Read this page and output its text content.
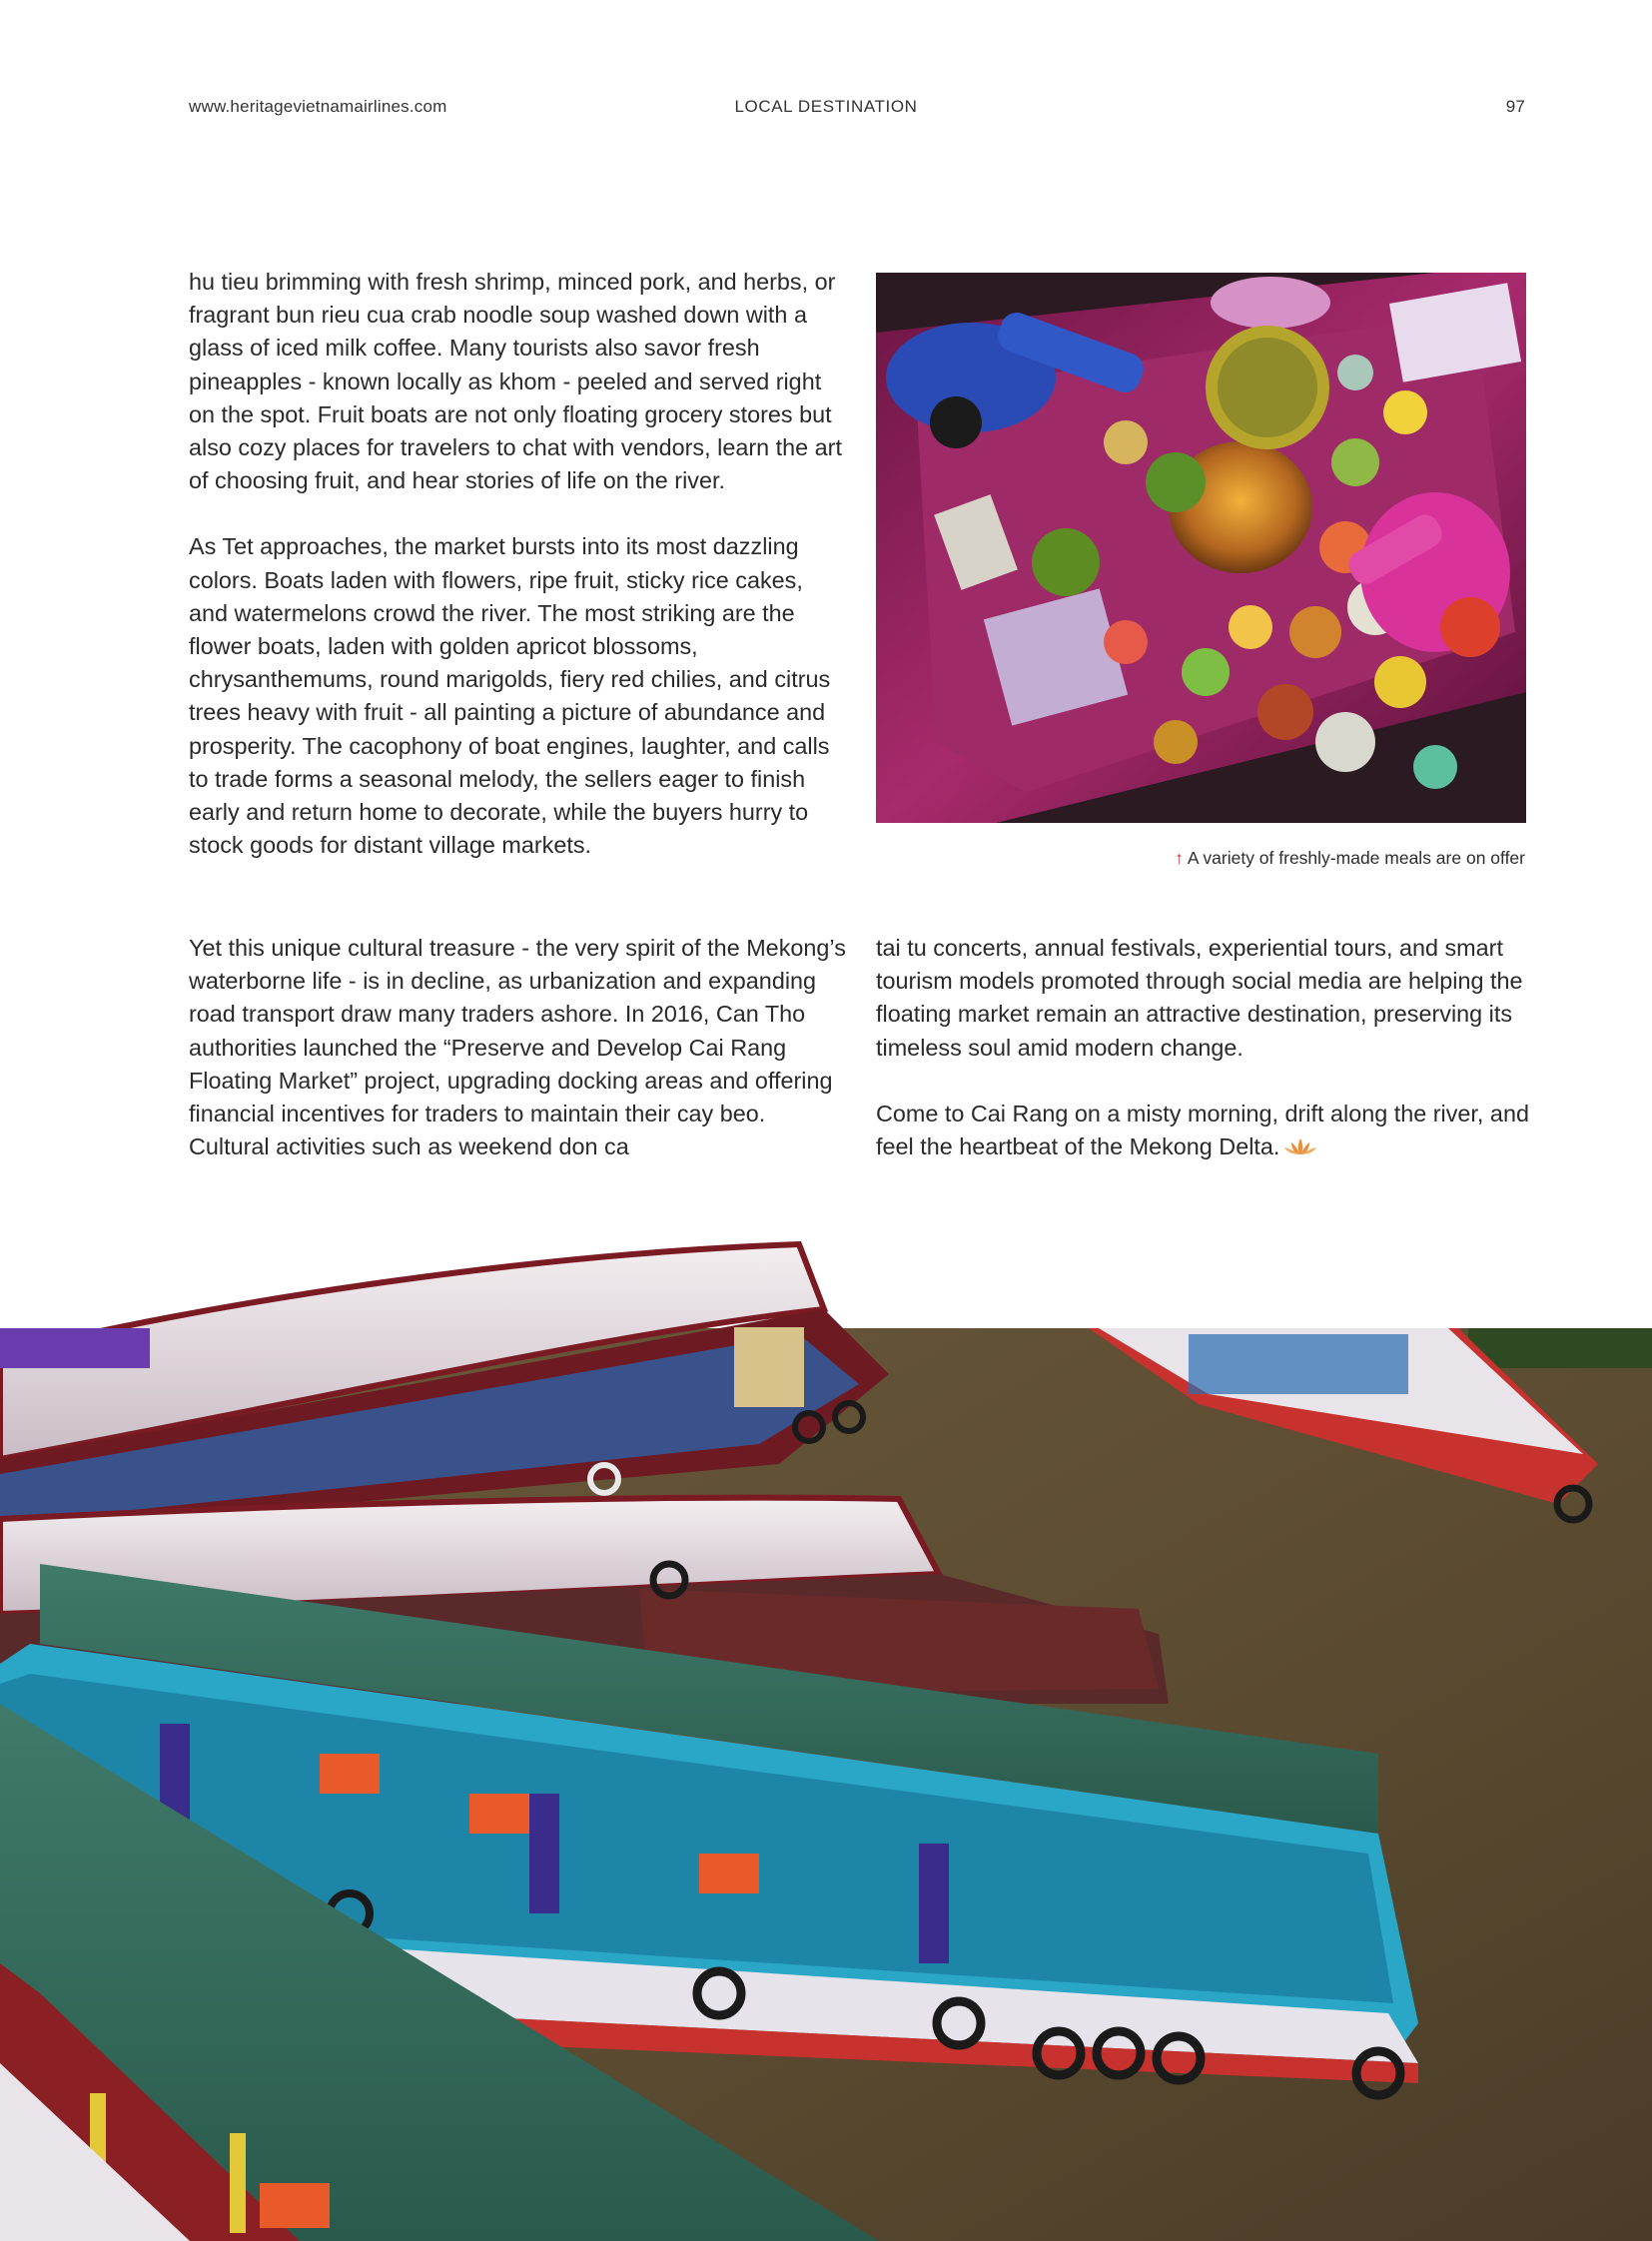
www.heritagevietnamairlines.com	LOCAL DESTINATION	97

hu tieu brimming with fresh shrimp, minced pork, and herbs, or fragrant bun rieu cua crab noodle soup washed down with a glass of iced milk coffee. Many tourists also savor fresh pineapples - known locally as khom - peeled and served right on the spot. Fruit boats are not only floating grocery stores but also cozy places for travelers to chat with vendors, learn the art of choosing fruit, and hear stories of life on the river.

As Tet approaches, the market bursts into its most dazzling colors. Boats laden with flowers, ripe fruit, sticky rice cakes, and watermelons crowd the river. The most striking are the flower boats, laden with golden apricot blossoms, chrysanthemums, round marigolds, fiery red chilies, and citrus trees heavy with fruit - all painting a picture of abundance and prosperity. The cacophony of boat engines, laughter, and calls to trade forms a seasonal melody, the sellers eager to finish early and return home to decorate, while the buyers hurry to stock goods for distant village markets.	↑ A variety of freshly-made meals are on offer

Yet this unique cultural treasure - the very spirit of the Mekong’s waterborne life - is in decline, as urbanization and expanding road transport draw many traders ashore. In 2016, Can Tho authorities launched the “Preserve and Develop Cai Rang Floating Market” project, upgrading docking areas and offering financial incentives for traders to maintain their cay beo. Cultural activities such as weekend don ca

tai tu concerts, annual festivals, experiential tours, and smart tourism models promoted through social media are helping the floating market remain an attractive destination, preserving its timeless soul amid modern change.

Come to Cai Rang on a misty morning, drift along the river, and feel the heartbeat of the Mekong Delta.
